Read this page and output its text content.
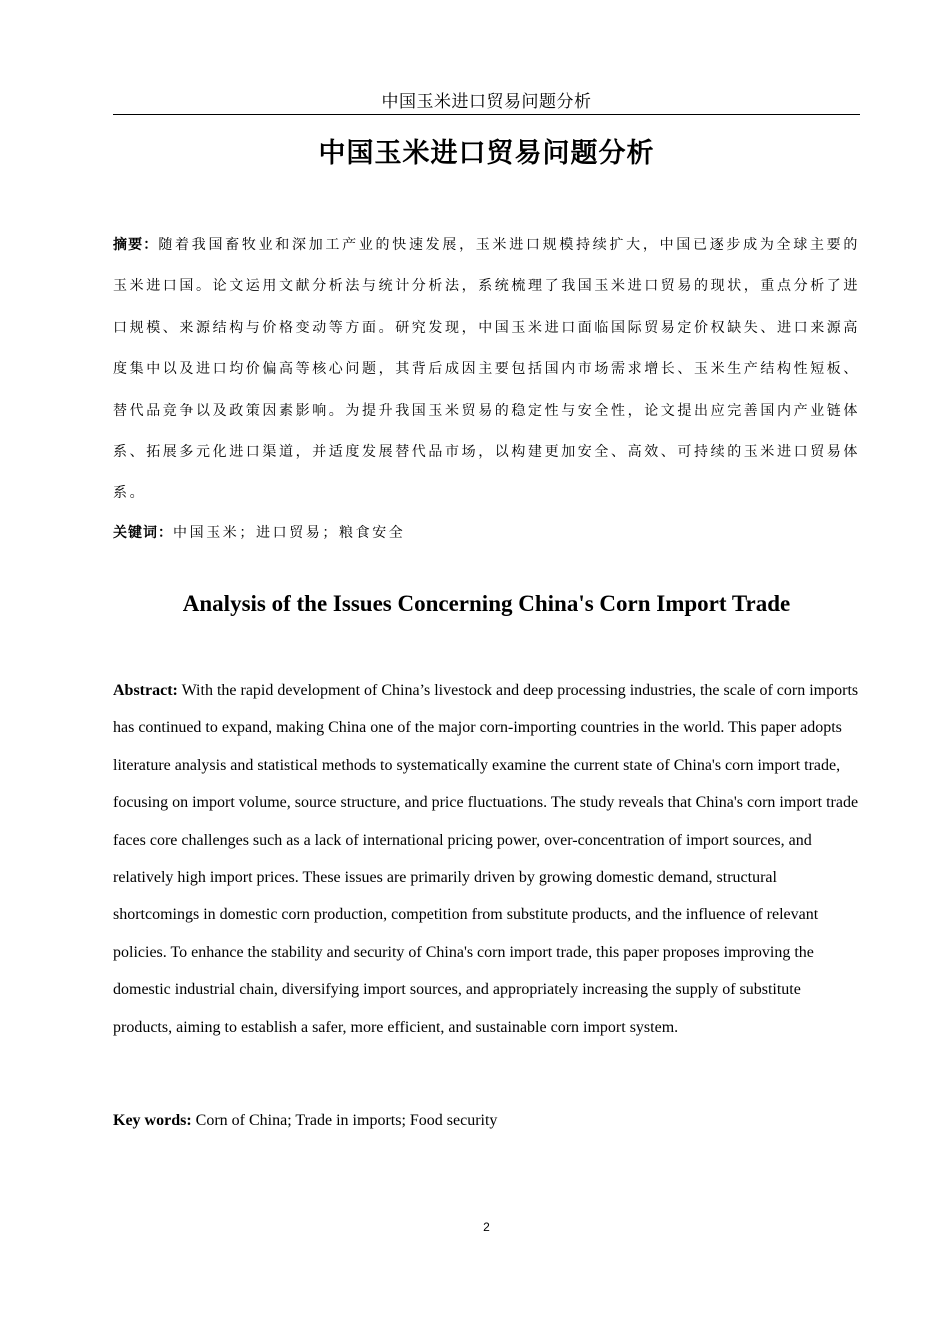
中国玉米进口贸易问题分析
中国玉米进口贸易问题分析
摘要：随着我国畜牧业和深加工产业的快速发展，玉米进口规模持续扩大，中国已逐步成为全球主要的玉米进口国。论文运用文献分析法与统计分析法，系统梳理了我国玉米进口贸易的现状，重点分析了进口规模、来源结构与价格变动等方面。研究发现，中国玉米进口面临国际贸易定价权缺失、进口来源高度集中以及进口均价偏高等核心问题，其背后成因主要包括国内市场需求增长、玉米生产结构性短板、替代品竞争以及政策因素影响。为提升我国玉米贸易的稳定性与安全性，论文提出应完善国内产业链体系、拓展多元化进口渠道，并适度发展替代品市场，以构建更加安全、高效、可持续的玉米进口贸易体系。
关键词：中国玉米；进口贸易；粮食安全
Analysis of the Issues Concerning China's Corn Import Trade
Abstract: With the rapid development of China’s livestock and deep processing industries, the scale of corn imports has continued to expand, making China one of the major corn-importing countries in the world. This paper adopts literature analysis and statistical methods to systematically examine the current state of China's corn import trade, focusing on import volume, source structure, and price fluctuations. The study reveals that China's corn import trade faces core challenges such as a lack of international pricing power, over-concentration of import sources, and relatively high import prices. These issues are primarily driven by growing domestic demand, structural shortcomings in domestic corn production, competition from substitute products, and the influence of relevant policies. To enhance the stability and security of China's corn import trade, this paper proposes improving the domestic industrial chain, diversifying import sources, and appropriately increasing the supply of substitute products, aiming to establish a safer, more efficient, and sustainable corn import system.
Key words: Corn of China; Trade in imports; Food security
2
